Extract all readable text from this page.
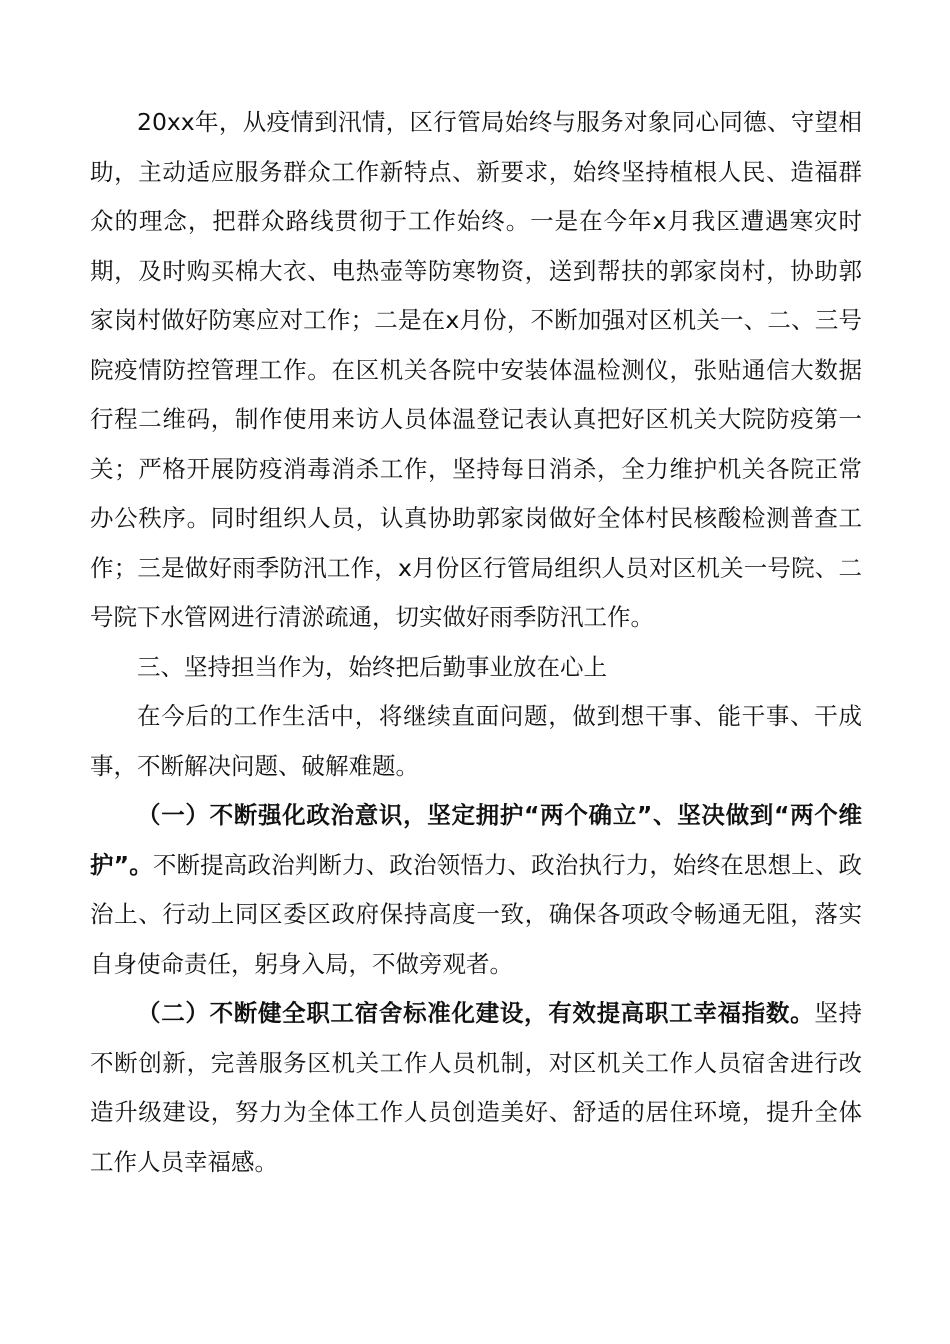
20xx年，从疫情到汛情，区行管局始终与服务对象同心同德、守望相助，主动适应服务群众工作新特点、新要求，始终坚持植根人民、造福群众的理念，把群众路线贯彻于工作始终。一是在今年x月我区遭遇寒灾时期，及时购买棉大衣、电热壶等防寒物资，送到帮扶的郭家岗村，协助郭家岗村做好防寒应对工作；二是在x月份，不断加强对区机关一、二、三号院疫情防控管理工作。在区机关各院中安装体温检测仪，张贴通信大数据行程二维码，制作使用来访人员体温登记表认真把好区机关大院防疫第一关；严格开展防疫消毒消杀工作，坚持每日消杀，全力维护机关各院正常办公秩序。同时组织人员，认真协助郭家岗做好全体村民核酸检测普查工作；三是做好雨季防汛工作，x月份区行管局组织人员对区机关一号院、二号院下水管网进行清淤疏通，切实做好雨季防汛工作。

三、坚持担当作为，始终把后勤事业放在心上

在今后的工作生活中，将继续直面问题，做到想干事、能干事、干成事，不断解决问题、破解难题。

（一）不断强化政治意识，坚定拥护“两个确立”、坚决做到“两个维护”。不断提高政治判断力、政治领悟力、政治执行力，始终在思想上、政治上、行动上同区委区政府保持高度一致，确保各项政令畅通无阻，落实自身使命责任，躬身入局，不做旁观者。

（二）不断健全职工宿舍标准化建设，有效提高职工幸福指数。坚持不断创新，完善服务区机关工作人员机制，对区机关工作人员宿舍进行改造升级建设，努力为全体工作人员创造美好、舒适的居住环境，提升全体工作人员幸福感。
